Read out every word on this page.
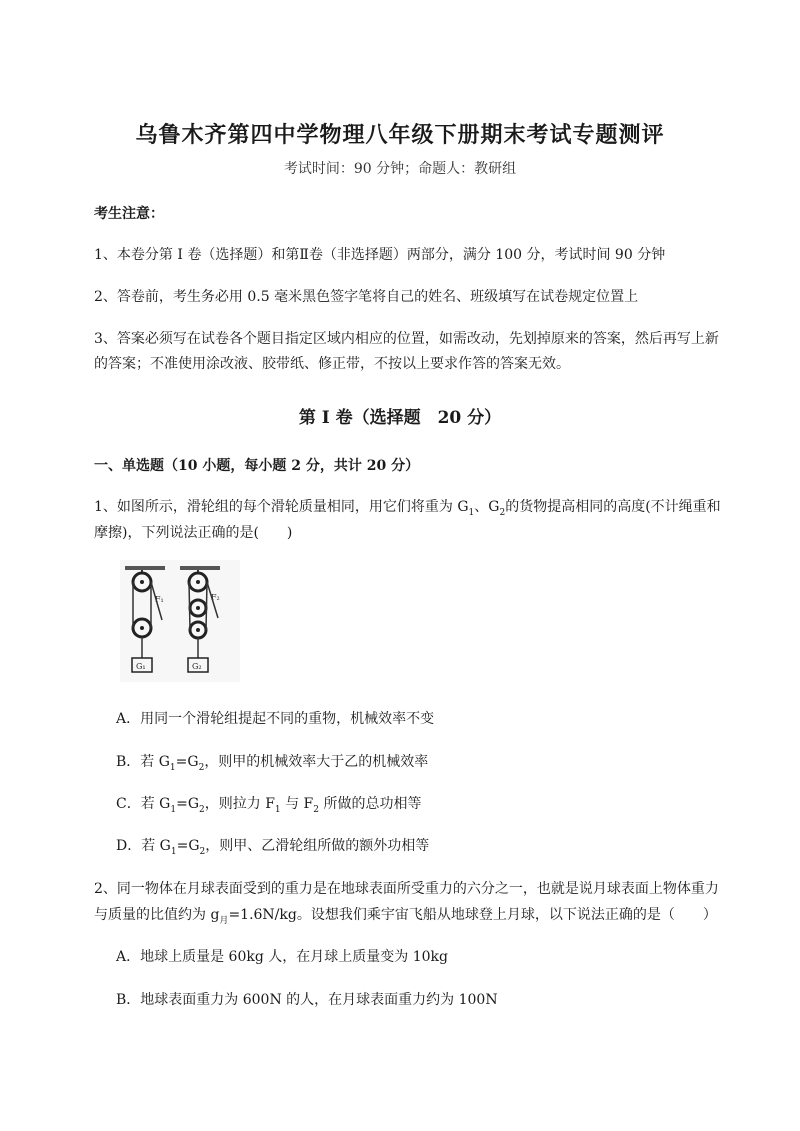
乌鲁木齐第四中学物理八年级下册期末考试专题测评
考试时间：90 分钟；命题人：教研组
考生注意：
1、本卷分第 I 卷（选择题）和第Ⅱ卷（非选择题）两部分，满分 100 分，考试时间 90 分钟
2、答卷前，考生务必用 0.5 毫米黑色签字笔将自己的姓名、班级填写在试卷规定位置上
3、答案必须写在试卷各个题目指定区域内相应的位置，如需改动，先划掉原来的答案，然后再写上新
的答案；不准使用涂改液、胶带纸、修正带，不按以上要求作答的答案无效。
第 I 卷（选择题　20 分）
一、单选题（10 小题，每小题 2 分，共计 20 分）
1、如图所示，滑轮组的每个滑轮质量相同，用它们将重为 $G_1$、$G_2$的货物提高相同的高度(不计绳重和
摩擦)，下列说法正确的是(　　)
F₁
G₁
F₂
G₂
A．用同一个滑轮组提起不同的重物，机械效率不变
B．若 $G_1=G_2$，则甲的机械效率大于乙的机械效率
C．若 $G_1=G_2$，则拉力 $F_1$ 与 $F_2$ 所做的总功相等
D．若 $G_1=G_2$，则甲、乙滑轮组所做的额外功相等
2、同一物体在月球表面受到的重力是在地球表面所受重力的六分之一，也就是说月球表面上物体重力
与质量的比值约为 $g_月=1.6N/kg$。设想我们乘宇宙飞船从地球登上月球，以下说法正确的是（　　）
A．地球上质量是 60kg 人，在月球上质量变为 10kg
B．地球表面重力为 600N 的人，在月球表面重力约为 100N
